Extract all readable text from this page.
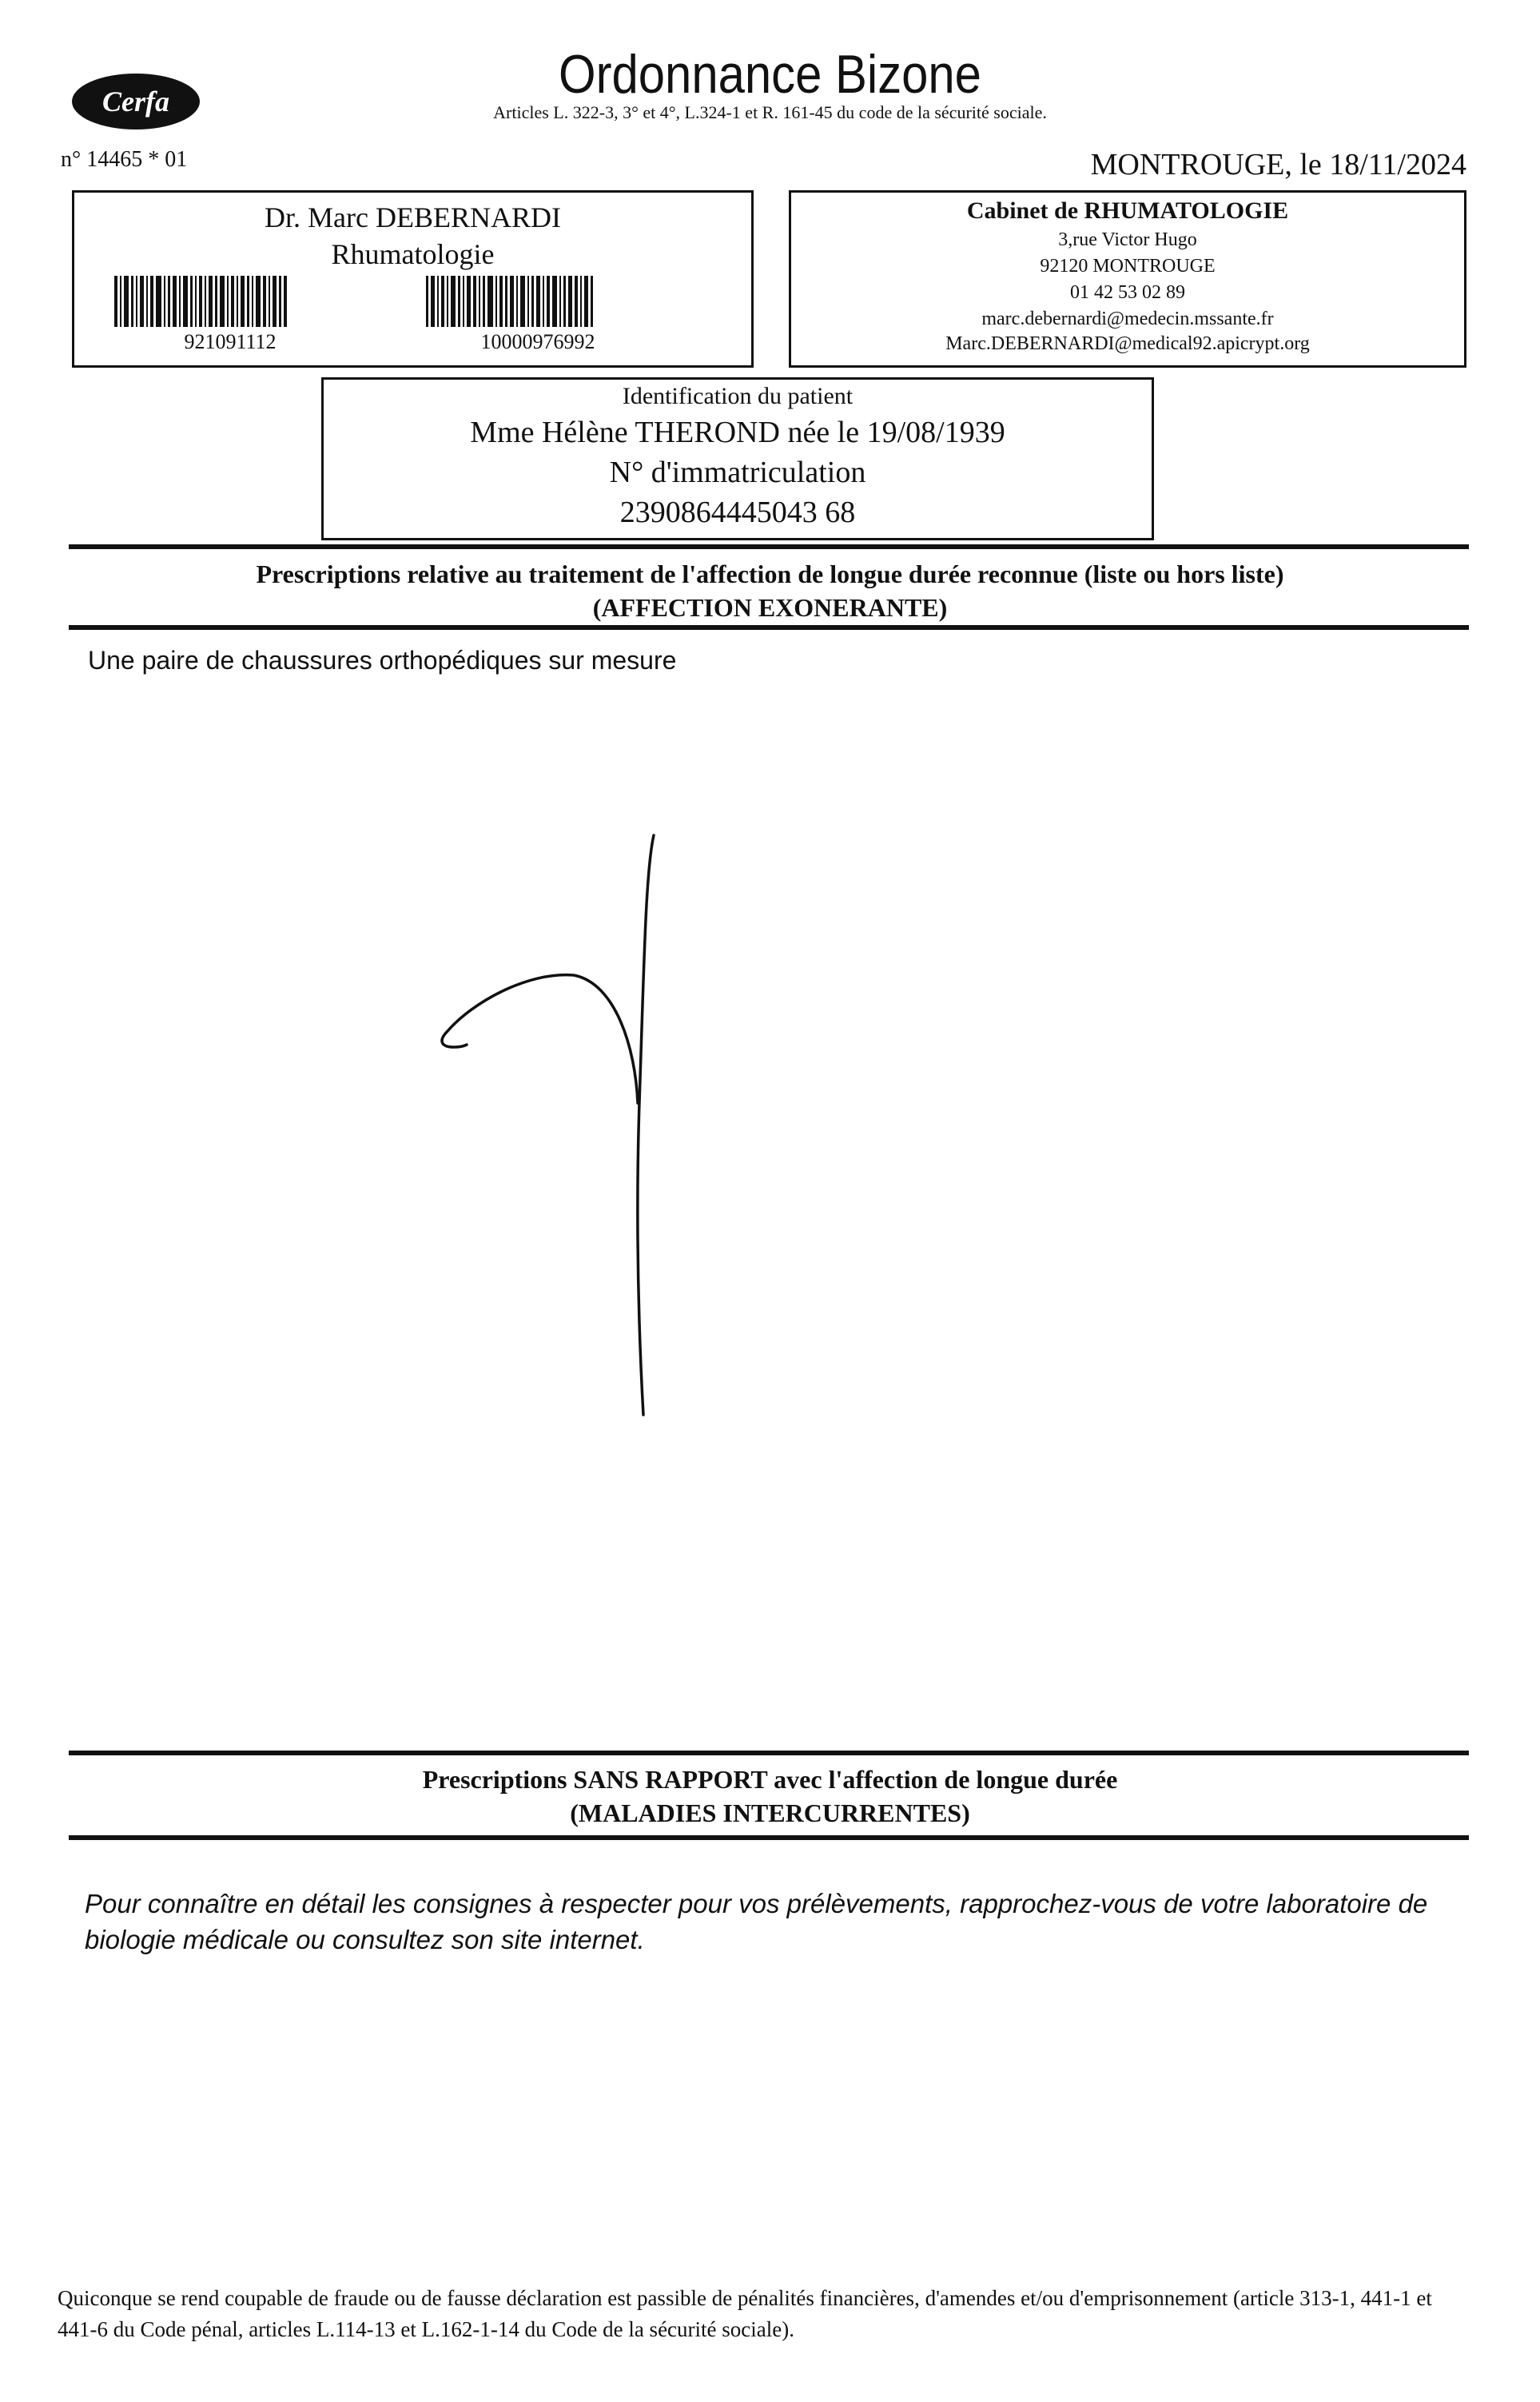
Cerfa	Ordonnance Bizone
Articles L. 322-3, 3° et 4°, L.324-1 et R. 161-45 du code de la sécurité sociale.
n° 14465 * 01	MONTROUGE, le 18/11/2024
Dr. Marc DEBERNARDI
Rhumatologie
921091112	10000976992
Cabinet de RHUMATOLOGIE
3,rue Victor Hugo
92120 MONTROUGE
01 42 53 02 89
marc.debernardi@medecin.mssante.fr
Marc.DEBERNARDI@medical92.apicrypt.org
Identification du patient
Mme Hélène THEROND née le 19/08/1939
N° d'immatriculation
2390864445043 68
Prescriptions relative au traitement de l'affection de longue durée reconnue (liste ou hors liste)
(AFFECTION EXONERANTE)
Une paire de chaussures orthopédiques sur mesure
Prescriptions SANS RAPPORT avec l'affection de longue durée
(MALADIES INTERCURRENTES)
Pour connaître en détail les consignes à respecter pour vos prélèvements, rapprochez-vous de votre laboratoire de biologie médicale ou consultez son site internet.
Quiconque se rend coupable de fraude ou de fausse déclaration est passible de pénalités financières, d'amendes et/ou d'emprisonnement (article 313-1, 441-1 et 441-6 du Code pénal, articles L.114-13 et L.162-1-14 du Code de la sécurité sociale).
